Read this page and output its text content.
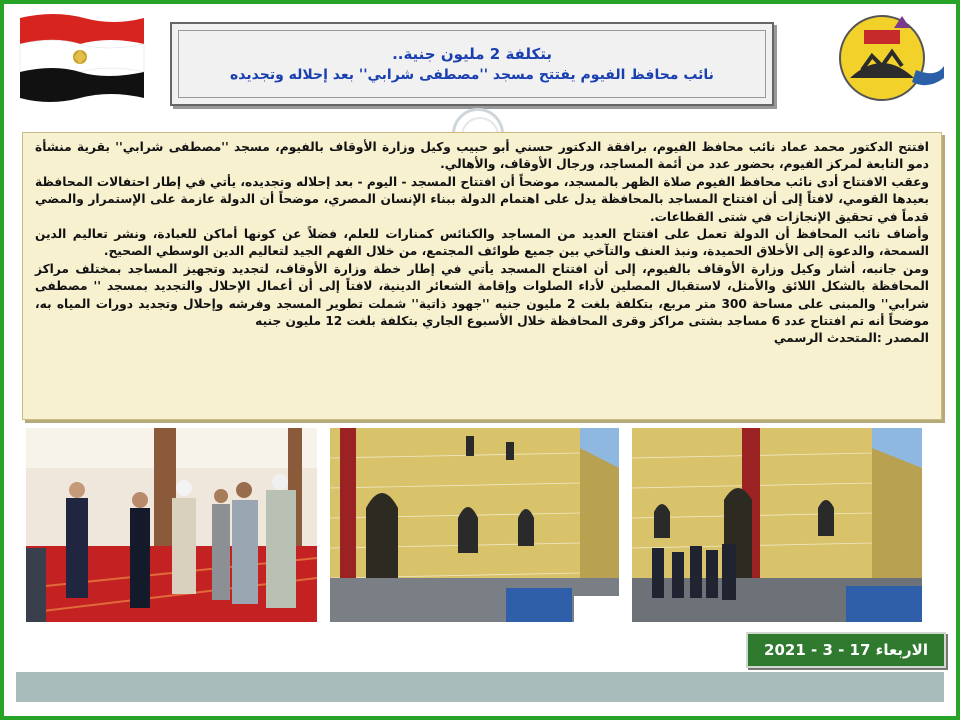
بتكلفة 2 مليون جنية..
نائب محافظ الفيوم يفتتح مسجد ''مصطفى شرابي'' بعد إحلاله وتجديده

افتتح الدكتور محمد عماد نائب محافظ الفيوم، برافقة الدكتور حسني أبو حبيب وكيل وزارة الأوقاف بالفيوم، مسجد ''مصطفى شرابي'' بقرية منشأة دمو التابعة لمركز الفيوم، بحضور عدد من أئمة المساجد، ورجال الأوقاف، والأهالي.

وعقب الافتتاح أدى نائب محافظ الفيوم صلاة الظهر بالمسجد، موضحاً أن افتتاح المسجد - اليوم - بعد إحلاله وتجديده، يأتي في إطار احتفالات المحافظة بعيدها القومي، لافتاً إلى أن افتتاح المساجد بالمحافظة يدل على اهتمام الدولة ببناء الإنسان المصري، موضحاً أن الدولة عازمة على الإستمرار والمضي قدماً في تحقيق الإنجازات في شتى القطاعات.

وأضاف نائب المحافظ أن الدولة تعمل على افتتاح العديد من المساجد والكنائس كمنارات للعلم، فضلاً عن كونها أماكن للعبادة، ونشر تعاليم الدين السمحة، والدعوة إلى الأخلاق الحميدة، ونبذ العنف والتآخي بين جميع طوائف المجتمع، من خلال الفهم الجيد لتعاليم الدين الوسطي الصحيح.

ومن جانبه، أشار وكيل وزارة الأوقاف بالفيوم، إلى أن افتتاح المسجد يأتي في إطار خطة وزارة الأوقاف، لتجديد وتجهيز المساجد بمختلف مراكز المحافظة بالشكل اللائق والأمثل، لاستقبال المصلين لأداء الصلوات وإقامة الشعائر الدينية، لافتاً إلى أن أعمال الإحلال والتجديد بمسجد '' مصطفى شرابي'' والمبنى على مساحة 300 متر مربع، بتكلفة بلغت 2 مليون جنيه ''جهود ذاتية'' شملت تطوير المسجد وفرشه وإحلال وتجديد دورات المياه به، موضحاً أنه تم افتتاح عدد 6 مساجد بشتى مراكز وقرى المحافظة خلال الأسبوع الجاري بتكلفة بلغت 12 مليون جنيه

المصدر :المتحدث الرسمي

الاربعاء 17 - 3 - 2021
